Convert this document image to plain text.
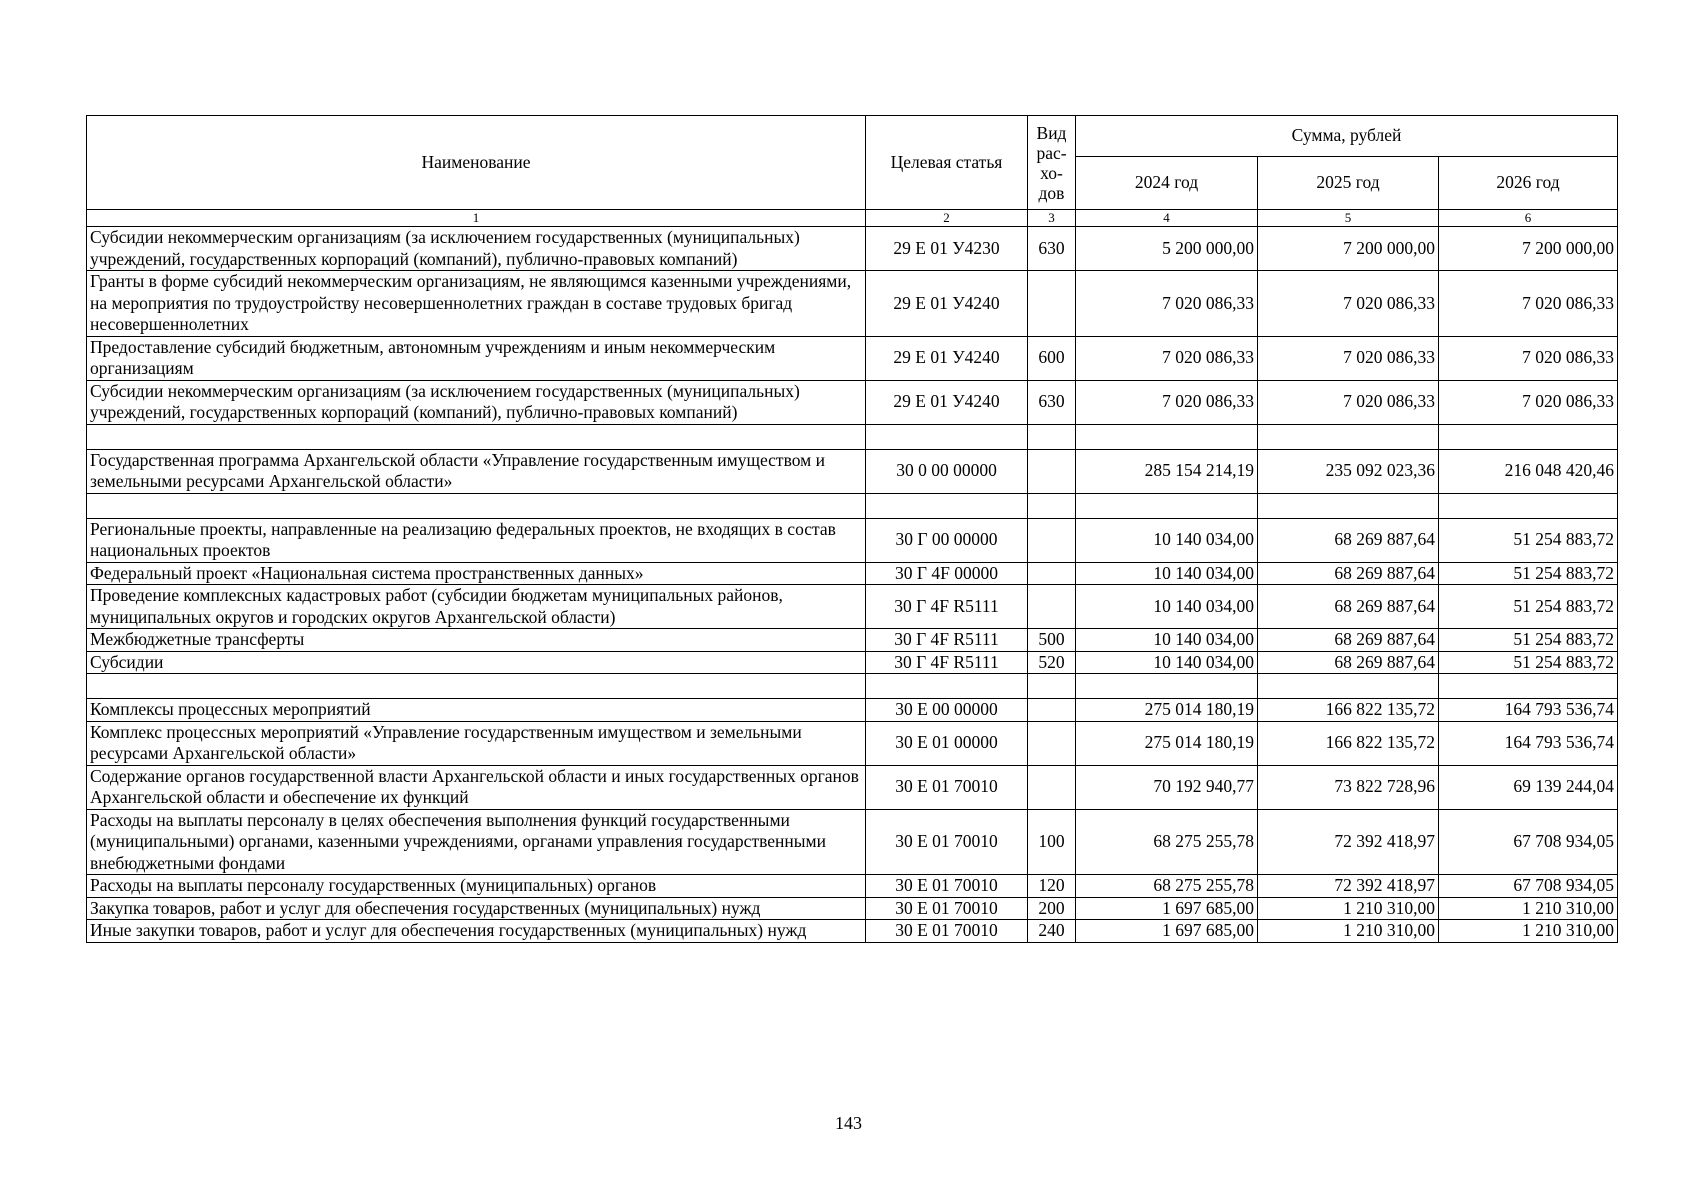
Наименование	Целевая статья	Вид рас-хо-дов	Сумма, рублей		
			2024 год	2025 год	2026 год
1	2	3	4	5	6
Субсидии некоммерческим организациям (за исключением государственных (муниципальных) учреждений, государственных корпораций (компаний), публично-правовых компаний)	29 Е 01 У4230	630	5 200 000,00	7 200 000,00	7 200 000,00
Гранты в форме субсидий некоммерческим организациям, не являющимся казенными учреждениями, на мероприятия по трудоустройству несовершеннолетних граждан в составе трудовых бригад несовершеннолетних	29 Е 01 У4240		7 020 086,33	7 020 086,33	7 020 086,33
Предоставление субсидий бюджетным, автономным учреждениям и иным некоммерческим организациям	29 Е 01 У4240	600	7 020 086,33	7 020 086,33	7 020 086,33
Субсидии некоммерческим организациям (за исключением государственных (муниципальных) учреждений, государственных корпораций (компаний), публично-правовых компаний)	29 Е 01 У4240	630	7 020 086,33	7 020 086,33	7 020 086,33

Государственная программа Архангельской области «Управление государственным имуществом и земельными ресурсами Архангельской области»	30 0 00 00000		285 154 214,19	235 092 023,36	216 048 420,46

Региональные проекты, направленные на реализацию федеральных проектов, не входящих в состав национальных проектов	30 Г 00 00000		10 140 034,00	68 269 887,64	51 254 883,72
Федеральный проект «Национальная система пространственных данных»	30 Г 4F 00000		10 140 034,00	68 269 887,64	51 254 883,72
Проведение комплексных кадастровых работ (субсидии бюджетам муниципальных районов, муниципальных округов и городских округов Архангельской области)	30 Г 4F R5111		10 140 034,00	68 269 887,64	51 254 883,72
Межбюджетные трансферты	30 Г 4F R5111	500	10 140 034,00	68 269 887,64	51 254 883,72
Субсидии	30 Г 4F R5111	520	10 140 034,00	68 269 887,64	51 254 883,72

Комплексы процессных мероприятий	30 Е 00 00000		275 014 180,19	166 822 135,72	164 793 536,74
Комплекс процессных мероприятий «Управление государственным имуществом и земельными ресурсами Архангельской области»	30 Е 01 00000		275 014 180,19	166 822 135,72	164 793 536,74
Содержание органов государственной власти Архангельской области и иных государственных органов Архангельской области и обеспечение их функций	30 Е 01 70010		70 192 940,77	73 822 728,96	69 139 244,04
Расходы на выплаты персоналу в целях обеспечения выполнения функций государственными (муниципальными) органами, казенными учреждениями, органами управления государственными внебюджетными фондами	30 Е 01 70010	100	68 275 255,78	72 392 418,97	67 708 934,05
Расходы на выплаты персоналу государственных (муниципальных) органов	30 Е 01 70010	120	68 275 255,78	72 392 418,97	67 708 934,05
Закупка товаров, работ и услуг для обеспечения государственных (муниципальных) нужд	30 Е 01 70010	200	1 697 685,00	1 210 310,00	1 210 310,00
Иные закупки товаров, работ и услуг для обеспечения государственных (муниципальных) нужд	30 Е 01 70010	240	1 697 685,00	1 210 310,00	1 210 310,00
143
